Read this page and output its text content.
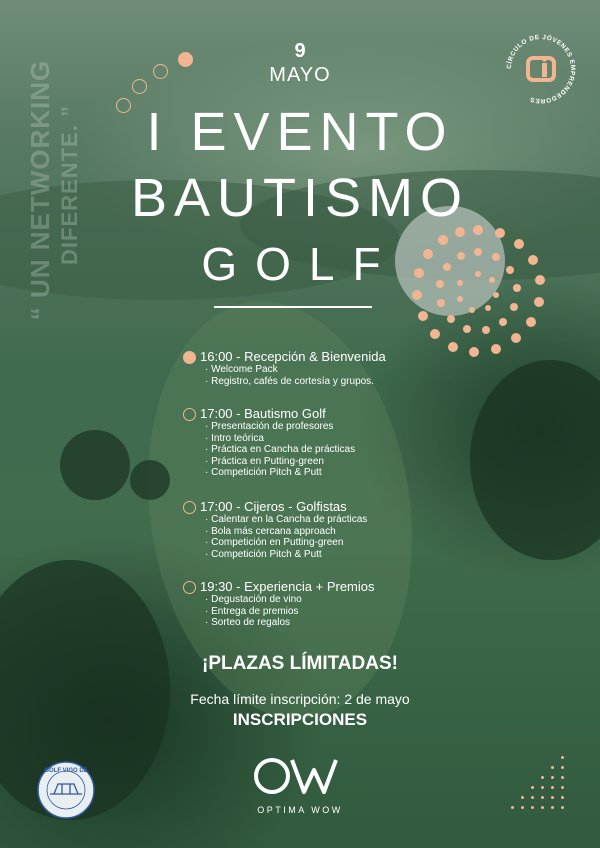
“ UN NETWORKING DIFERENTE. ”
9
MAYO
I EVENTO
BAUTISMO
GOLF
CÍRCULO DE JÓVENES EMPRENDEDORES
16:00 - Recepción & Bienvenida
· Welcome Pack
· Registro, cafés de cortesía y grupos.
17:00 - Bautismo Golf
· Presentación de profesores
· Intro teórica
· Práctica en Cancha de prácticas
· Práctica en Putting-green
· Competición Pitch & Putt
17:00 - Cijeros - Golfistas
· Calentar en la Cancha de prácticas
· Bola más cercana approach
· Competición en Putting-green
· Competición Pitch & Putt
19:30 - Experiencia + Premios
· Degustación de vino
· Entrega de premios
· Sorteo de regalos
¡PLAZAS LÍMITADAS!
Fecha límite inscripción: 2 de mayo
INSCRIPCIONES
GOLF VIGO DE
OPTIMA WOW
